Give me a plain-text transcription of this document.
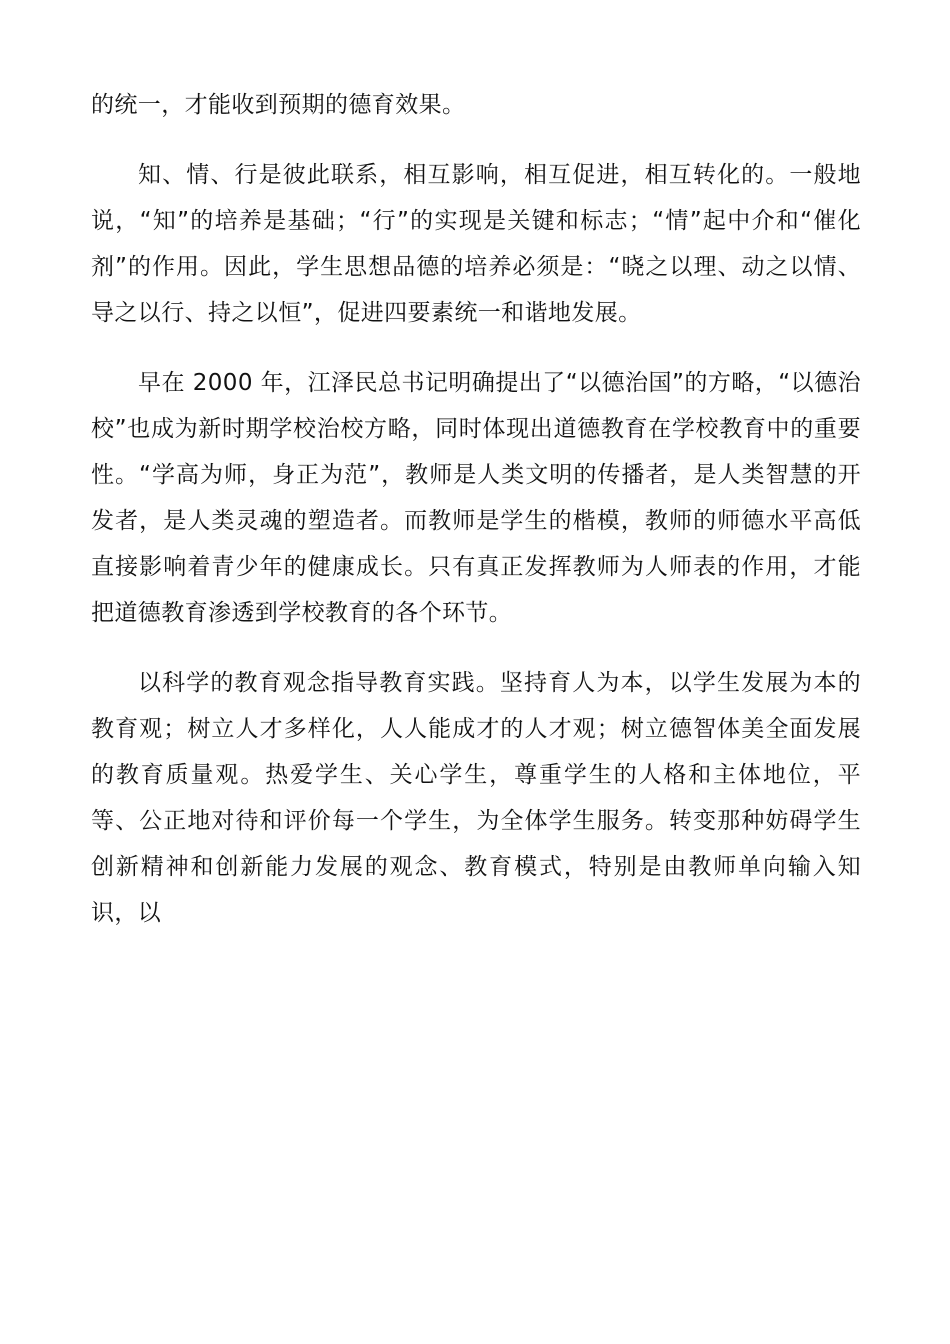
的统一，才能收到预期的德育效果。

知、情、行是彼此联系，相互影响，相互促进，相互转化的。一般地说，“知”的培养是基础；“行”的实现是关键和标志；“情”起中介和“催化剂”的作用。因此，学生思想品德的培养必须是：“晓之以理、动之以情、导之以行、持之以恒”，促进四要素统一和谐地发展。

早在 2000 年，江泽民总书记明确提出了“以德治国”的方略，“以德治校”也成为新时期学校治校方略，同时体现出道德教育在学校教育中的重要性。“学高为师，身正为范”，教师是人类文明的传播者，是人类智慧的开发者，是人类灵魂的塑造者。而教师是学生的楷模，教师的师德水平高低直接影响着青少年的健康成长。只有真正发挥教师为人师表的作用，才能把道德教育渗透到学校教育的各个环节。

以科学的教育观念指导教育实践。坚持育人为本，以学生发展为本的教育观；树立人才多样化，人人能成才的人才观；树立德智体美全面发展的教育质量观。热爱学生、关心学生，尊重学生的人格和主体地位，平等、公正地对待和评价每一个学生，为全体学生服务。转变那种妨碍学生创新精神和创新能力发展的观念、教育模式，特别是由教师单向输入知识，以
